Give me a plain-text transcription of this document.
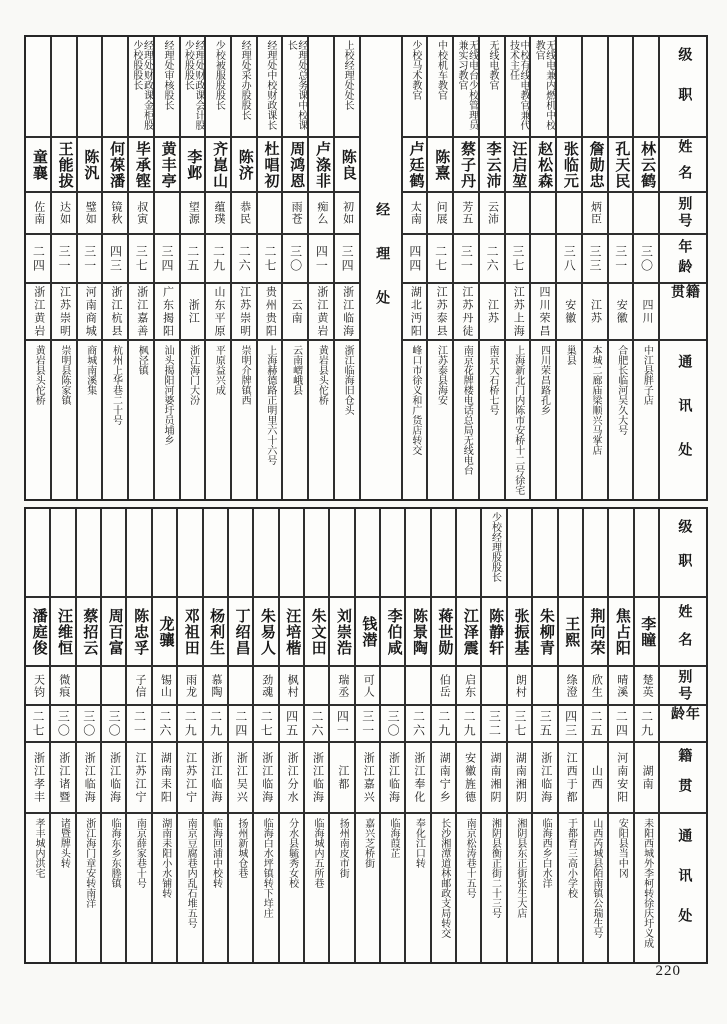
级职
姓名
别号
年龄
籍贯
通讯处
林云鹤
三〇
四川
中江县胖子店
孔天民
三一
安徽
合肥长临河吴久大号
詹勋忠
炳臣
三三
江苏
本城二廊庙梁顺兴马掌店
张临元
三八
安徽
巢县
无线电兼内燃机中校教官
赵松森
四川荣昌
四川荣昌路孔乡
中校有线电教官兼代技术主任
汪启堃
三七
江苏上海
上海新北门内陈市安桥十二号徐宅
无线电教官
李云沛
云沛
二六
江苏
南京大石桥七号
无线电台少校管理员兼实习教官
蔡子丹
芳五
三一
江苏丹徒
南京花牌楼电话总局无线电台
中校机车教官
陈熹
问展
二七
江苏泰县
江苏泰县海安
少校马术教官
卢廷鹤
太南
四四
湖北沔阳
峰口市徐义和广货店转交
经理处
上校经理处处长
陈良
初如
三四
浙江临海
浙江临海旧仓头
卢涤非
痴么
四一
浙江黄岩
黄岩县头佗桥
经理处总务课中校课长
周鸿恩
雨苍
三〇
云南
云南嶍峨县
经理处中校财政课长
杜唱初
二七
贵州贵阳
上海赫德路正明里六十六号
经理处采办股股长
陈济
恭民
二六
江苏崇明
崇明介牌镇西
少校被服股股长
齐崑山
蕴璞
二九
山东平原
平原益兴成
经理处财政课会计股少校股股长
李邺
望源
二五
浙江
浙江海门大汾
经理处审核股长
黄丰亭
三四
广东揭阳
汕头揭阳河婆圩员埔乡
经理处财政课金柜股少校股股长
毕承铿
叔寅
三七
浙江嘉善
枫泾镇
何葆潘
镜秋
四三
浙江杭县
杭州上华巷二十号
陈汎
璧如
三一
河南商城
商城南溪集
王能拔
达如
三一
江苏崇明
崇明县陈家镇
童襄
佐南
二四
浙江黄岩
黄岩县头佗桥
级职
姓名
别号
年龄
籍贯
通讯处
李瞳
楚英
二九
湖南
耒阳西城外李柯转徐庆圩义成
焦占阳
晴溪
二四
河南安阳
安阳县当中冈
荆向荣
欣生
二五
山西
山西芮城县陌南镇公瑞生号
王熙
绦澄
四三
江西于都
于都育三高小学校
朱柳青
三五
浙江临海
临海西乡白水洋
张振基
朗村
三七
湖南湘阴
湘阴县东正街张生大店
少校经理股股长
陈静轩
三二
湖南湘阴
湘阴县衡正街二十三号
江泽震
启东
二九
安徽旌德
南京松涛巷十五号
蒋世勋
伯岳
二九
湖南宁乡
长沙湘潭道林邮政支局转交
陈景陶
二六
浙江奉化
奉化江口转
李伯咸
三〇
浙江临海
临海葭芷
钱潜
可人
三一
浙江嘉兴
嘉兴芝桥街
刘崇浩
瑞丞
四一
江都
扬州南皮市街
朱文田
二六
浙江临海
临海城内五所巷
汪培楷
枫村
四五
浙江分水
分水县毓秀女校
朱易人
劲魂
二七
浙江临海
临海白水坪镇转下垟庄
丁绍昌
二四
浙江吴兴
扬州新城仓巷
杨利生
慕陶
二九
浙江临海
临海回浦中校转
邓祖田
雨龙
二九
江苏江宁
南京豆腐巷内乱石堆五号
龙骧
锡山
二六
湖南耒阳
湖南耒阳小水铺转
陈忠孚
子信
二一
江苏江宁
南京薛家巷十号
周百富
三〇
浙江临海
临海东乡东塍镇
蔡招云
三〇
浙江临海
浙江海门章安转南洋
汪维恒
微痕
三〇
浙江诸暨
诸暨牌头转
潘庭俊
天钧
二七
浙江孝丰
孝丰城内洪宅
220
